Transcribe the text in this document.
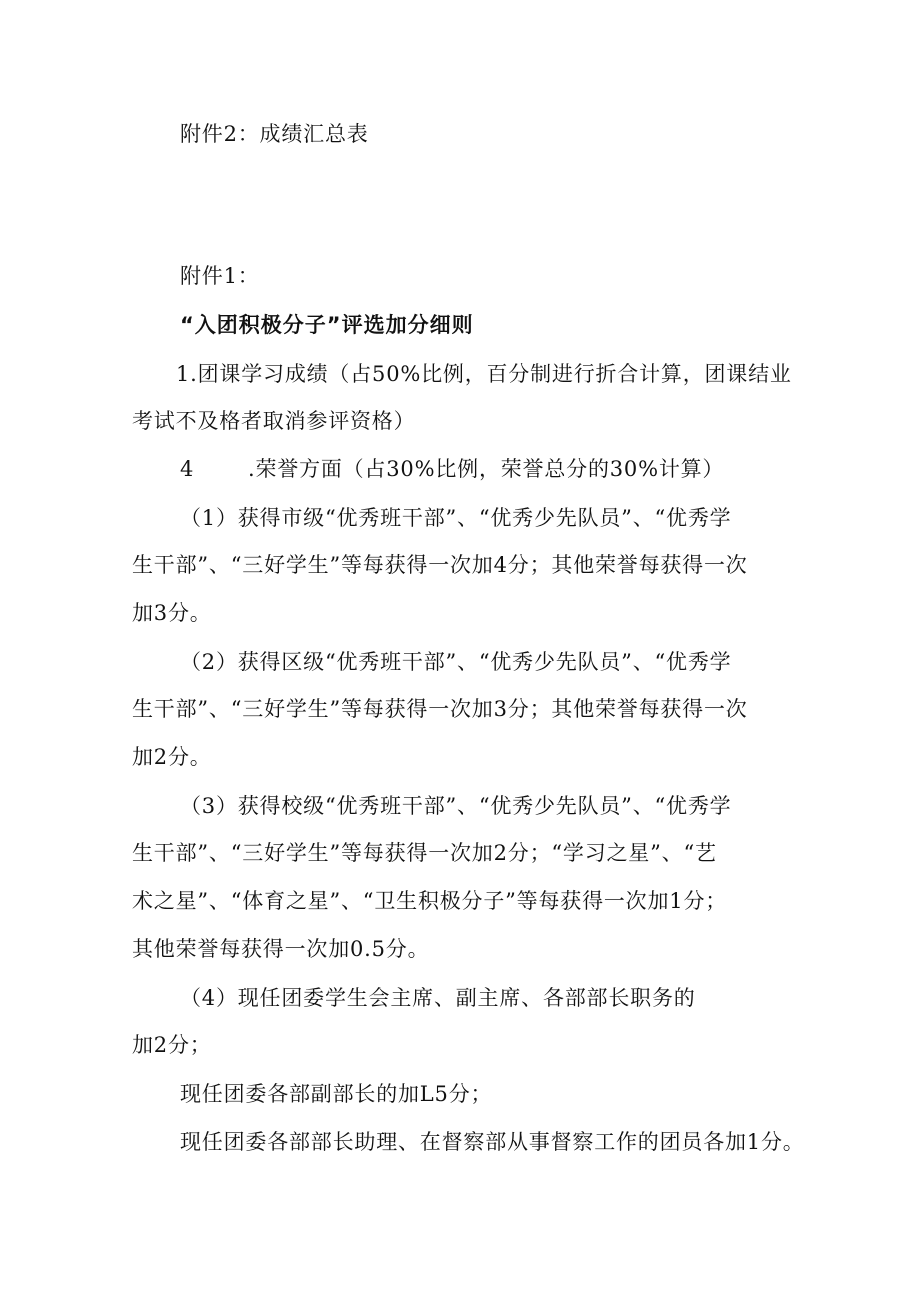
附件2：成绩汇总表

附件1：

“入团积极分子”评选加分细则

1.团课学习成绩（占50%比例，百分制进行折合计算，团课结业

考试不及格者取消参评资格）

4	.荣誉方面（占30%比例，荣誉总分的30%计算）

（1）获得市级“优秀班干部”、“优秀少先队员”、“优秀学

生干部”、“三好学生”等每获得一次加4分；其他荣誉每获得一次

加3分。

（2）获得区级“优秀班干部”、“优秀少先队员”、“优秀学

生干部”、“三好学生”等每获得一次加3分；其他荣誉每获得一次

加2分。

（3）获得校级“优秀班干部”、“优秀少先队员”、“优秀学

生干部”、“三好学生”等每获得一次加2分；“学习之星”、“艺

术之星”、“体育之星”、“卫生积极分子”等每获得一次加1分；

其他荣誉每获得一次加0.5分。

（4）现任团委学生会主席、副主席、各部部长职务的

加2分；

现任团委各部副部长的加L5分；

现任团委各部部长助理、在督察部从事督察工作的团员各加1分。
